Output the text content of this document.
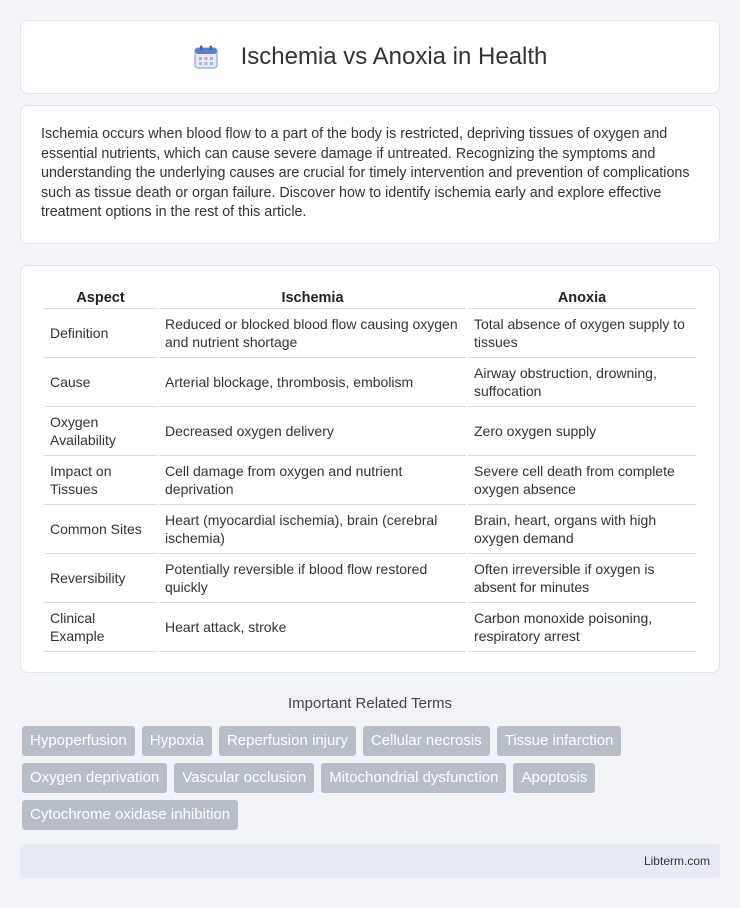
Ischemia vs Anoxia in Health

Ischemia occurs when blood flow to a part of the body is restricted, depriving tissues of oxygen and essential nutrients, which can cause severe damage if untreated. Recognizing the symptoms and understanding the underlying causes are crucial for timely intervention and prevention of complications such as tissue death or organ failure. Discover how to identify ischemia early and explore effective treatment options in the rest of this article.

Aspect	Ischemia	Anoxia
Definition	Reduced or blocked blood flow causing oxygen and nutrient shortage	Total absence of oxygen supply to tissues
Cause	Arterial blockage, thrombosis, embolism	Airway obstruction, drowning, suffocation
Oxygen Availability	Decreased oxygen delivery	Zero oxygen supply
Impact on Tissues	Cell damage from oxygen and nutrient deprivation	Severe cell death from complete oxygen absence
Common Sites	Heart (myocardial ischemia), brain (cerebral ischemia)	Brain, heart, organs with high oxygen demand
Reversibility	Potentially reversible if blood flow restored quickly	Often irreversible if oxygen is absent for minutes
Clinical Example	Heart attack, stroke	Carbon monoxide poisoning, respiratory arrest
Important Related Terms
Hypoperfusion	Hypoxia	Reperfusion injury	Cellular necrosis	Tissue infarction
Oxygen deprivation	Vascular occlusion	Mitochondrial dysfunction	Apoptosis
Cytochrome oxidase inhibition
Libterm.com
